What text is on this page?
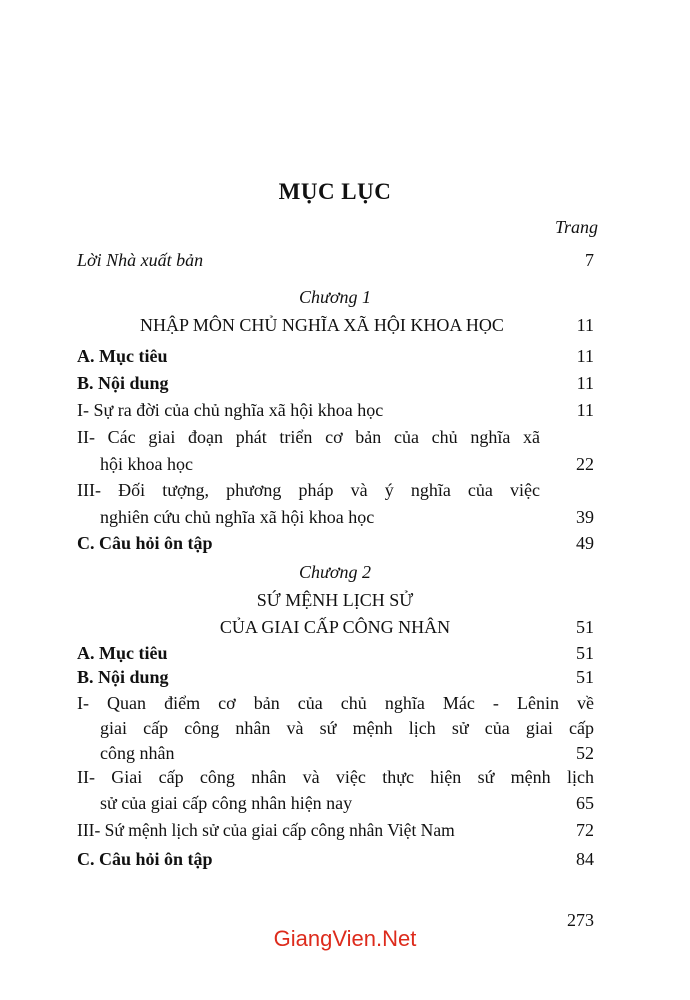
MỤC LỤC
Trang
Lời Nhà xuất bản	7
Chương 1
NHẬP MÔN CHỦ NGHĨA XÃ HỘI KHOA HỌC	11
A. Mục tiêu	11
B. Nội dung	11
I- Sự ra đời của chủ nghĩa xã hội khoa học	11
II- Các giai đoạn phát triển cơ bản của chủ nghĩa xã
hội khoa học	22
III- Đối tượng, phương pháp và ý nghĩa của việc
nghiên cứu chủ nghĩa xã hội khoa học	39
C. Câu hỏi ôn tập	49
Chương 2
SỨ MỆNH LỊCH SỬ
CỦA GIAI CẤP CÔNG NHÂN	51
A. Mục tiêu	51
B. Nội dung	51
I- Quan điểm cơ bản của chủ nghĩa Mác - Lênin về
giai cấp công nhân và sứ mệnh lịch sử của giai cấp
công nhân	52
II- Giai cấp công nhân và việc thực hiện sứ mệnh lịch
sử của giai cấp công nhân hiện nay	65
III- Sứ mệnh lịch sử của giai cấp công nhân Việt Nam	72
C. Câu hỏi ôn tập	84
273
GiangVien.Net
